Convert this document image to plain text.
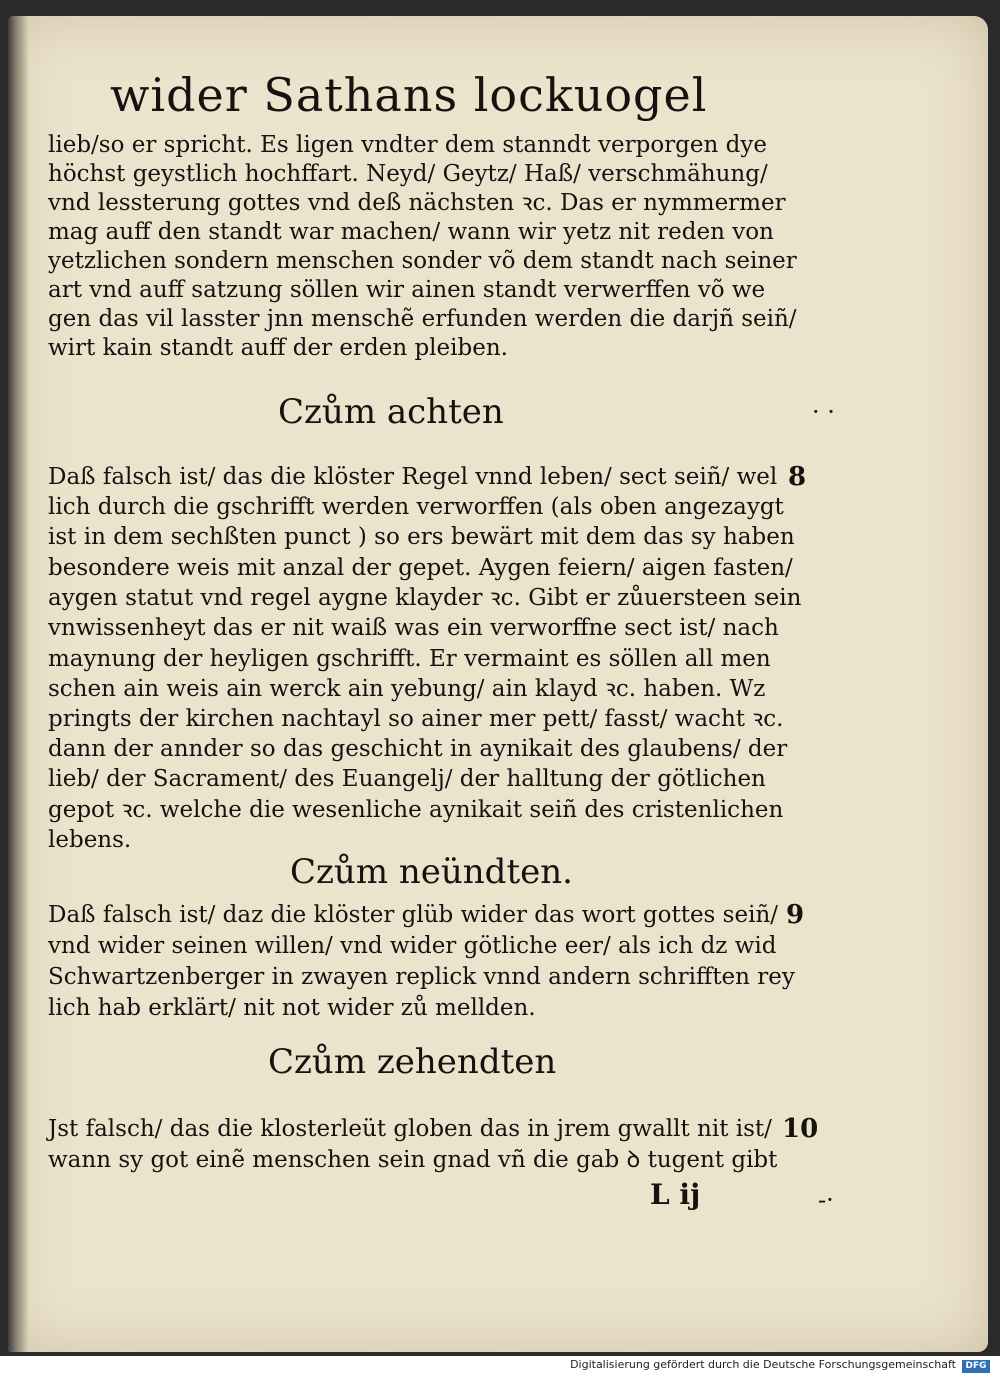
wider Sathans lockuogel
lieb/so er spricht. Es ligen vndter dem stanndt verporgen dye
höchst geystlich hochffart. Neyd/ Geytz/ Haß/ verschmähung/
vnd lessterung gottes vnd deß nächsten ꝛc. Das er nymmermer
mag auff den standt war machen/ wann wir yetz nit reden von
yetzlichen sondern menschen sonder võ dem standt nach seiner
art vnd auff satzung söllen wir ainen standt verwerffen võ we
gen das vil lasster jnn menschẽ erfunden werden die darjñ seiñ/
wirt kain standt auff der erden pleiben.
Czům achten
8
Daß falsch ist/ das die klöster Regel vnnd leben/ sect seiñ/ wel
lich durch die gschrifft werden verworffen (als oben angezaygt
ist in dem sechßten punct ) so ers bewärt mit dem das sy haben
besondere weis mit anzal der gepet. Aygen feiern/ aigen fasten/
aygen statut vnd regel aygne klayder ꝛc. Gibt er zůuersteen sein
vnwissenheyt das er nit waiß was ein verworffne sect ist/ nach
maynung der heyligen gschrifft. Er vermaint es söllen all men
schen ain weis ain werck ain yebung/ ain klayd ꝛc. haben. Wz
pringts der kirchen nachtayl so ainer mer pett/ fasst/ wacht ꝛc.
dann der annder so das geschicht in aynikait des glaubens/ der
lieb/ der Sacrament/ des Euangelj/ der halltung der götlichen
gepot ꝛc. welche die wesenliche aynikait seiñ des cristenlichen
lebens.
Czům neündten.
9
Daß falsch ist/ daz die klöster glüb wider das wort gottes seiñ/
vnd wider seinen willen/ vnd wider götliche eer/ als ich dz wid
Schwartzenberger in zwayen replick vnnd andern schrifften rey
lich hab erklärt/ nit not wider zů mellden.
Czům zehendten
10
Jst falsch/ das die klosterleüt globen das in jrem gwallt nit ist/
wann sy got einẽ menschen sein gnad vñ die gab ꝺ tugent gibt
L ij
· ·
-·
Digitalisierung gefördert durch die Deutsche Forschungsgemeinschaft	DFG
